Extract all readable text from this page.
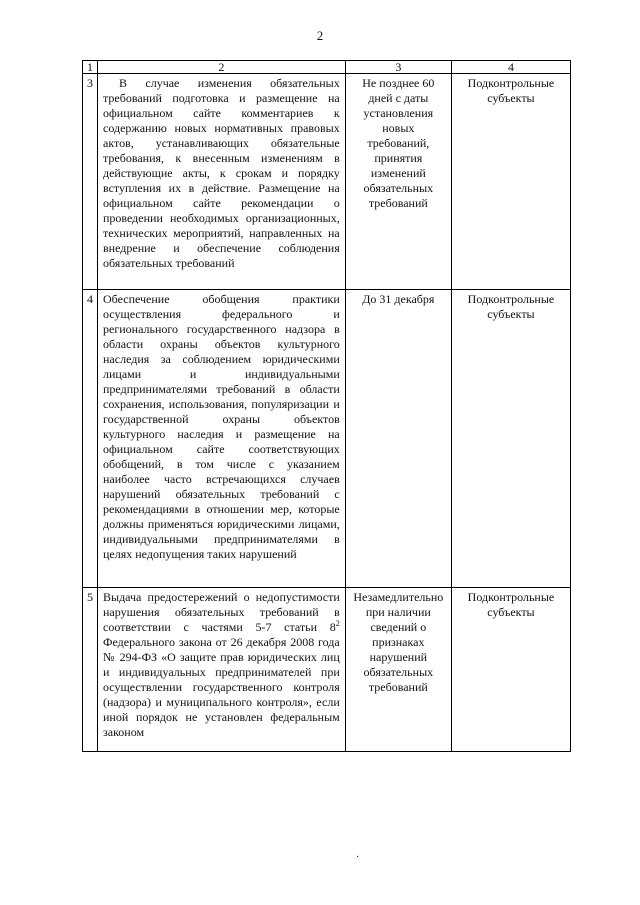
2
1	2	3	4
3	В случае изменения обязательных требований подготовка и размещение на официальном сайте комментариев к содержанию новых нормативных правовых актов, устанавливающих обязательные требования, к внесенным изменениям в действующие акты, к срокам и порядку вступления их в действие. Размещение на официальном сайте рекомендации о проведении необходимых организационных, технических мероприятий, направленных на внедрение и обеспечение соблюдения обязательных требований	Не позднее 60 дней с даты установления новых требований, принятия изменений обязательных требований	Подконтрольные субъекты
4	Обеспечение обобщения практики осуществления федерального и регионального государственного надзора в области охраны объектов культурного наследия за соблюдением юридическими лицами и индивидуальными предпринимателями требований в области сохранения, использования, популяризации и государственной охраны объектов культурного наследия и размещение на официальном сайте соответствующих обобщений, в том числе с указанием наиболее часто встречающихся случаев нарушений обязательных требований с рекомендациями в отношении мер, которые должны применяться юридическими лицами, индивидуальными предпринимателями в целях недопущения таких нарушений	До 31 декабря	Подконтрольные субъекты
5	Выдача предостережений о недопустимости нарушения обязательных требований в соответствии с частями 5-7 статьи $8^2$ Федерального закона от 26 декабря 2008 года № 294-ФЗ «О защите прав юридических лиц и индивидуальных предпринимателей при осуществлении государственного контроля (надзора) и муниципального контроля», если иной порядок не установлен федеральным законом	Незамедлительно при наличии сведений о признаках нарушений обязательных требований	Подконтрольные субъекты
·
